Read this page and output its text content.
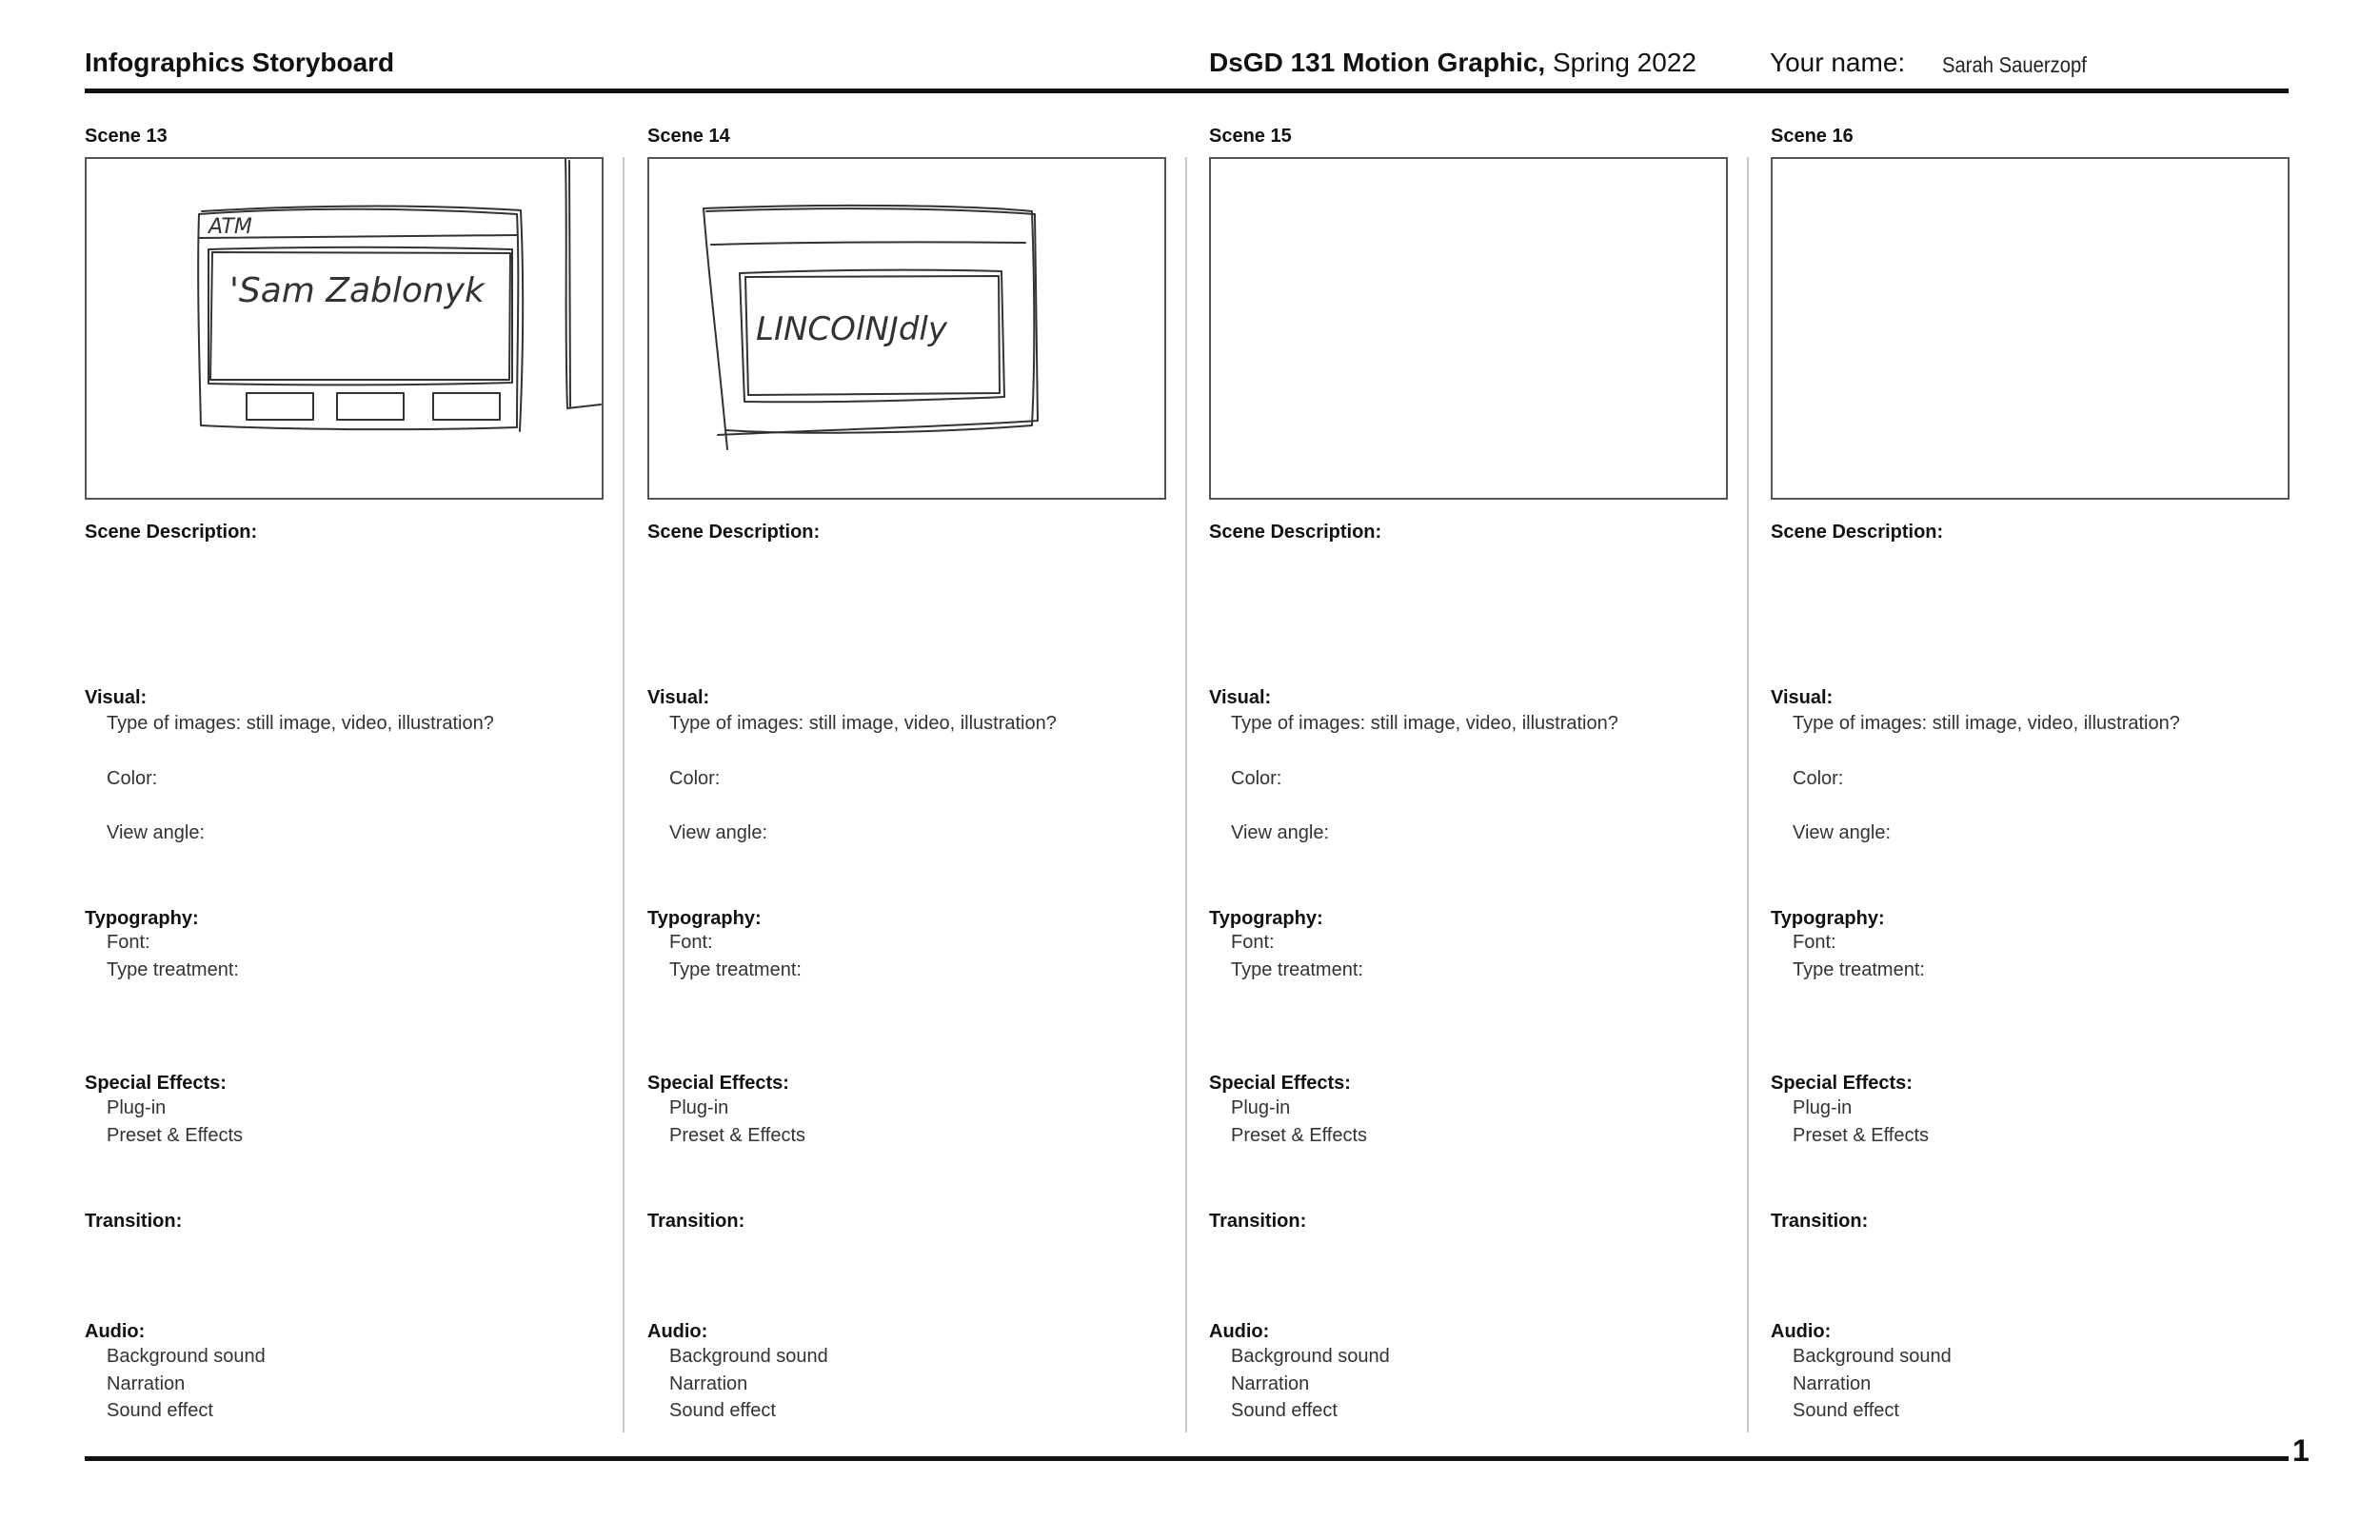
Infographics Storyboard	DsGD 131 Motion Graphic, Spring 2022	Your name: Sarah Sauerzopf
Scene 13
ATM
'Sam Zablonyk
Scene Description:
Visual:
Type of images: still image, video, illustration?
Color:
View angle:
Typography:
Font:
Type treatment:
Special Effects:
Plug-in
Preset & Effects
Transition:
Audio:
Background sound
Narration
Sound effect
Scene 14
LINCOlNJdly
Scene Description:
Visual:
Type of images: still image, video, illustration?
Color:
View angle:
Typography:
Font:
Type treatment:
Special Effects:
Plug-in
Preset & Effects
Transition:
Audio:
Background sound
Narration
Sound effect
Scene 15
Scene Description:
Visual:
Type of images: still image, video, illustration?
Color:
View angle:
Typography:
Font:
Type treatment:
Special Effects:
Plug-in
Preset & Effects
Transition:
Audio:
Background sound
Narration
Sound effect
Scene 16
Scene Description:
Visual:
Type of images: still image, video, illustration?
Color:
View angle:
Typography:
Font:
Type treatment:
Special Effects:
Plug-in
Preset & Effects
Transition:
Audio:
Background sound
Narration
Sound effect
1
